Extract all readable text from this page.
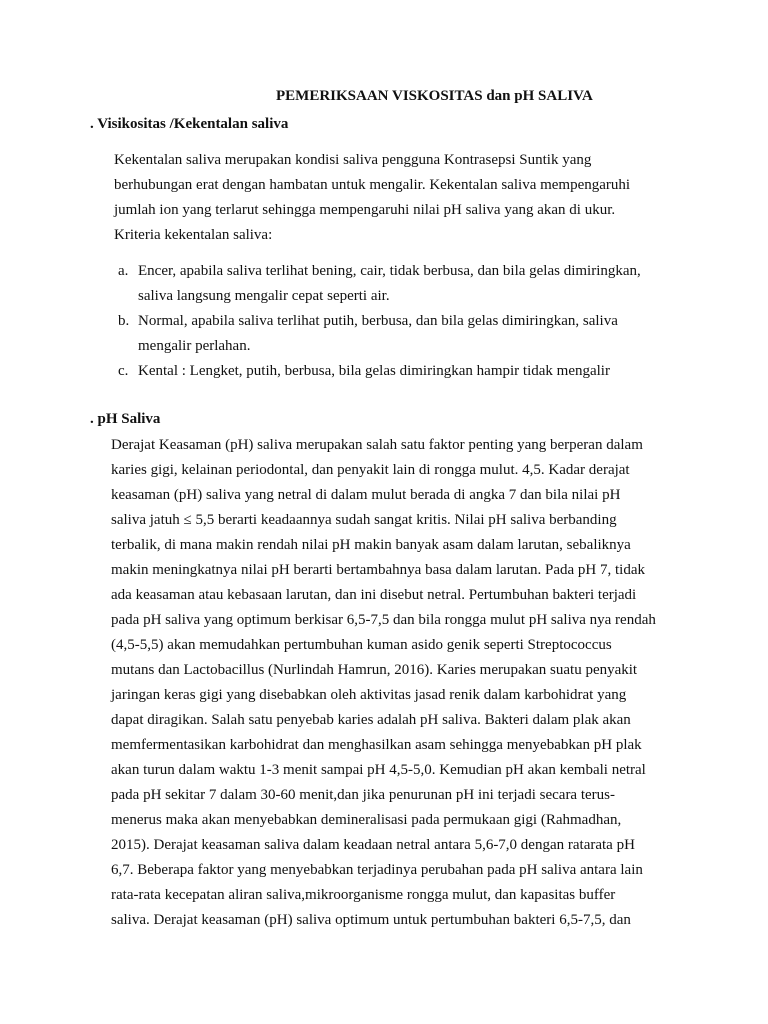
PEMERIKSAAN VISKOSITAS dan pH SALIVA
. Visikositas /Kekentalan saliva
Kekentalan saliva merupakan kondisi saliva pengguna Kontrasepsi Suntik yang
berhubungan erat dengan hambatan untuk mengalir. Kekentalan saliva mempengaruhi
jumlah ion yang terlarut sehingga mempengaruhi nilai pH saliva yang akan di ukur.
Kriteria kekentalan saliva:
a. Encer, apabila saliva terlihat bening, cair, tidak berbusa, dan bila gelas dimiringkan,
saliva langsung mengalir cepat seperti air.
b. Normal, apabila saliva terlihat putih, berbusa, dan bila gelas dimiringkan, saliva
mengalir perlahan.
c. Kental : Lengket, putih, berbusa, bila gelas dimiringkan hampir tidak mengalir
. pH Saliva
Derajat Keasaman (pH) saliva merupakan salah satu faktor penting yang berperan dalam
karies gigi, kelainan periodontal, dan penyakit lain di rongga mulut. 4,5. Kadar derajat
keasaman (pH) saliva yang netral di dalam mulut berada di angka 7 dan bila nilai pH
saliva jatuh ≤ 5,5 berarti keadaannya sudah sangat kritis. Nilai pH saliva berbanding
terbalik, di mana makin rendah nilai pH makin banyak asam dalam larutan, sebaliknya
makin meningkatnya nilai pH berarti bertambahnya basa dalam larutan. Pada pH 7, tidak
ada keasaman atau kebasaan larutan, dan ini disebut netral. Pertumbuhan bakteri terjadi
pada pH saliva yang optimum berkisar 6,5-7,5 dan bila rongga mulut pH saliva nya rendah
(4,5-5,5) akan memudahkan pertumbuhan kuman asido genik seperti Streptococcus
mutans dan Lactobacillus (Nurlindah Hamrun, 2016). Karies merupakan suatu penyakit
jaringan keras gigi yang disebabkan oleh aktivitas jasad renik dalam karbohidrat yang
dapat diragikan. Salah satu penyebab karies adalah pH saliva. Bakteri dalam plak akan
memfermentasikan karbohidrat dan menghasilkan asam sehingga menyebabkan pH plak
akan turun dalam waktu 1-3 menit sampai pH 4,5-5,0. Kemudian pH akan kembali netral
pada pH sekitar 7 dalam 30-60 menit,dan jika penurunan pH ini terjadi secara terus-
menerus maka akan menyebabkan demineralisasi pada permukaan gigi (Rahmadhan,
2015). Derajat keasaman saliva dalam keadaan netral antara 5,6-7,0 dengan ratarata pH
6,7. Beberapa faktor yang menyebabkan terjadinya perubahan pada pH saliva antara lain
rata-rata kecepatan aliran saliva,mikroorganisme rongga mulut, dan kapasitas buffer
saliva. Derajat keasaman (pH) saliva optimum untuk pertumbuhan bakteri 6,5-7,5, dan
